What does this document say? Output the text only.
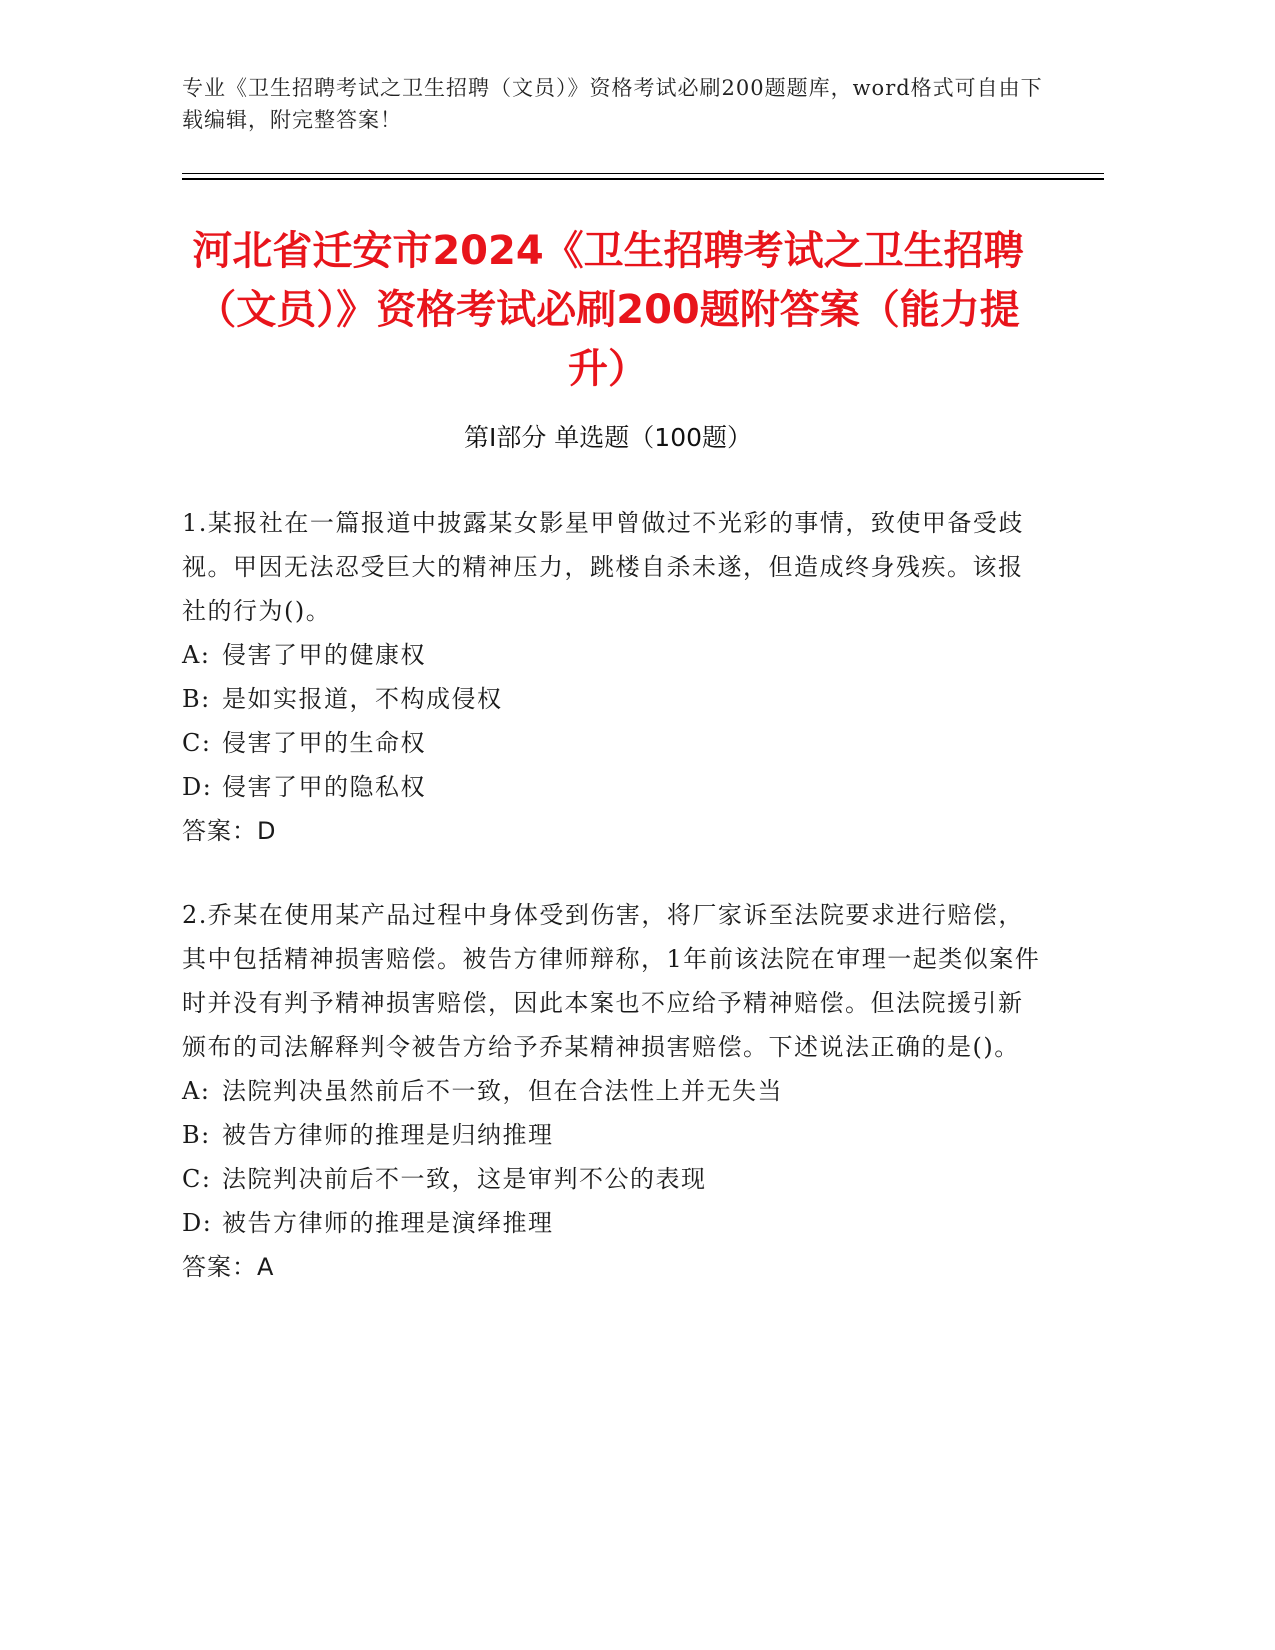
专业《卫生招聘考试之卫生招聘（文员）》资格考试必刷200题题库，word格式可自由下载编辑，附完整答案！
河北省迁安市2024《卫生招聘考试之卫生招聘（文员）》资格考试必刷200题附答案（能力提升）
第Ⅰ部分 单选题（100题）

1.某报社在一篇报道中披露某女影星甲曾做过不光彩的事情，致使甲备受歧视。甲因无法忍受巨大的精神压力，跳楼自杀未遂，但造成终身残疾。该报社的行为()。

A: 侵害了甲的健康权

B: 是如实报道，不构成侵权

C: 侵害了甲的生命权

D: 侵害了甲的隐私权

答案：D

2.乔某在使用某产品过程中身体受到伤害，将厂家诉至法院要求进行赔偿，其中包括精神损害赔偿。被告方律师辩称，1年前该法院在审理一起类似案件时并没有判予精神损害赔偿，因此本案也不应给予精神赔偿。但法院援引新颁布的司法解释判令被告方给予乔某精神损害赔偿。下述说法正确的是()。

A: 法院判决虽然前后不一致，但在合法性上并无失当

B: 被告方律师的推理是归纳推理

C: 法院判决前后不一致，这是审判不公的表现

D: 被告方律师的推理是演绎推理

答案：A
